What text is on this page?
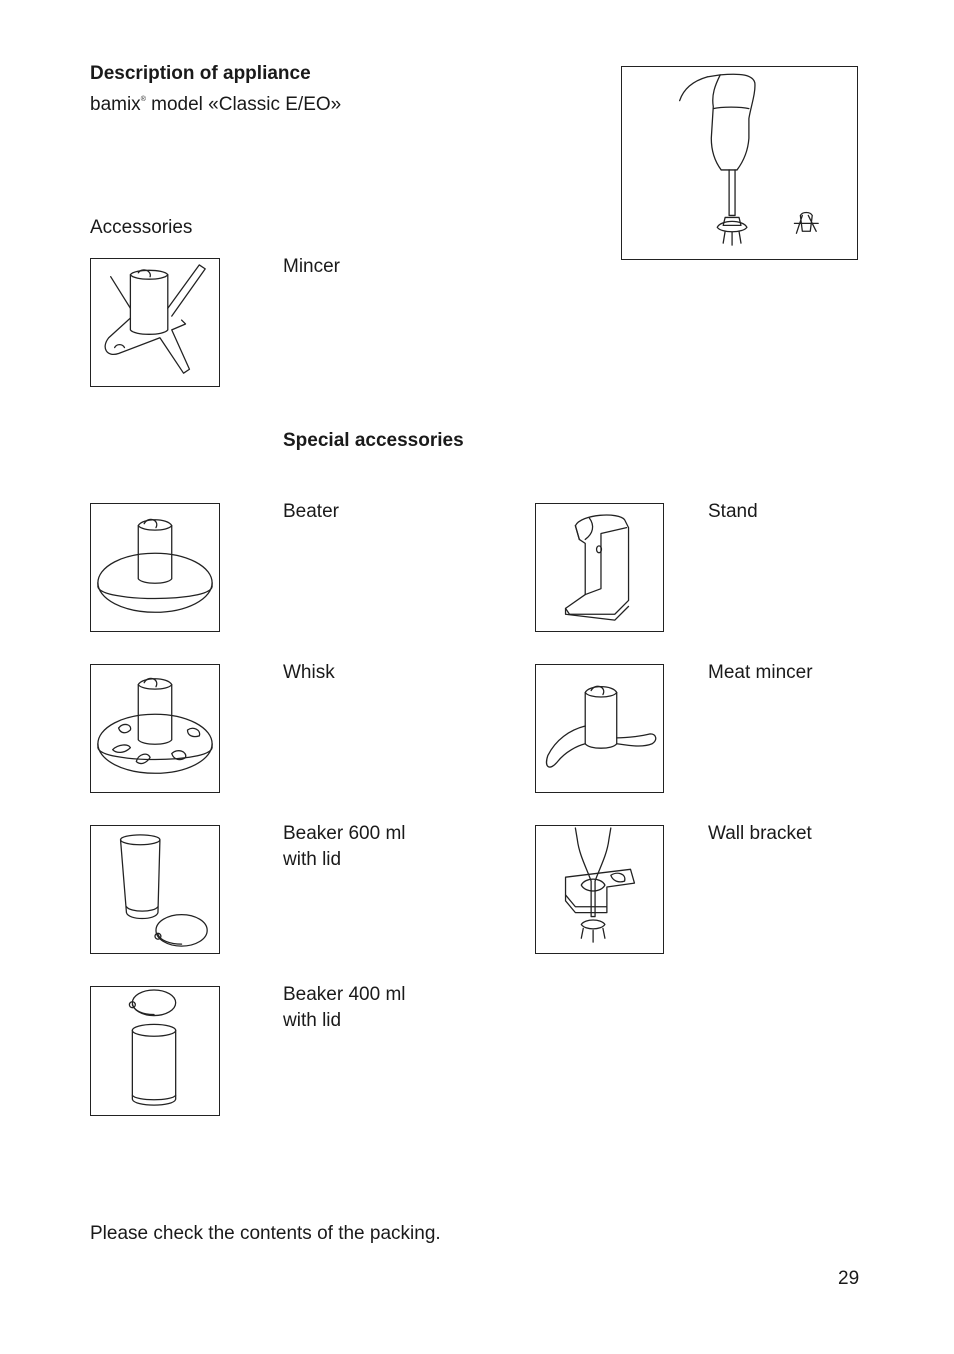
Description of appliance
bamix® model «Classic E/EO»
Accessories
Mincer
Special accessories
Beater	Stand
Whisk	Meat mincer
Beaker 600 ml
with lid
Wall bracket
Beaker 400 ml
with lid
Please check the contents of the packing.
29
